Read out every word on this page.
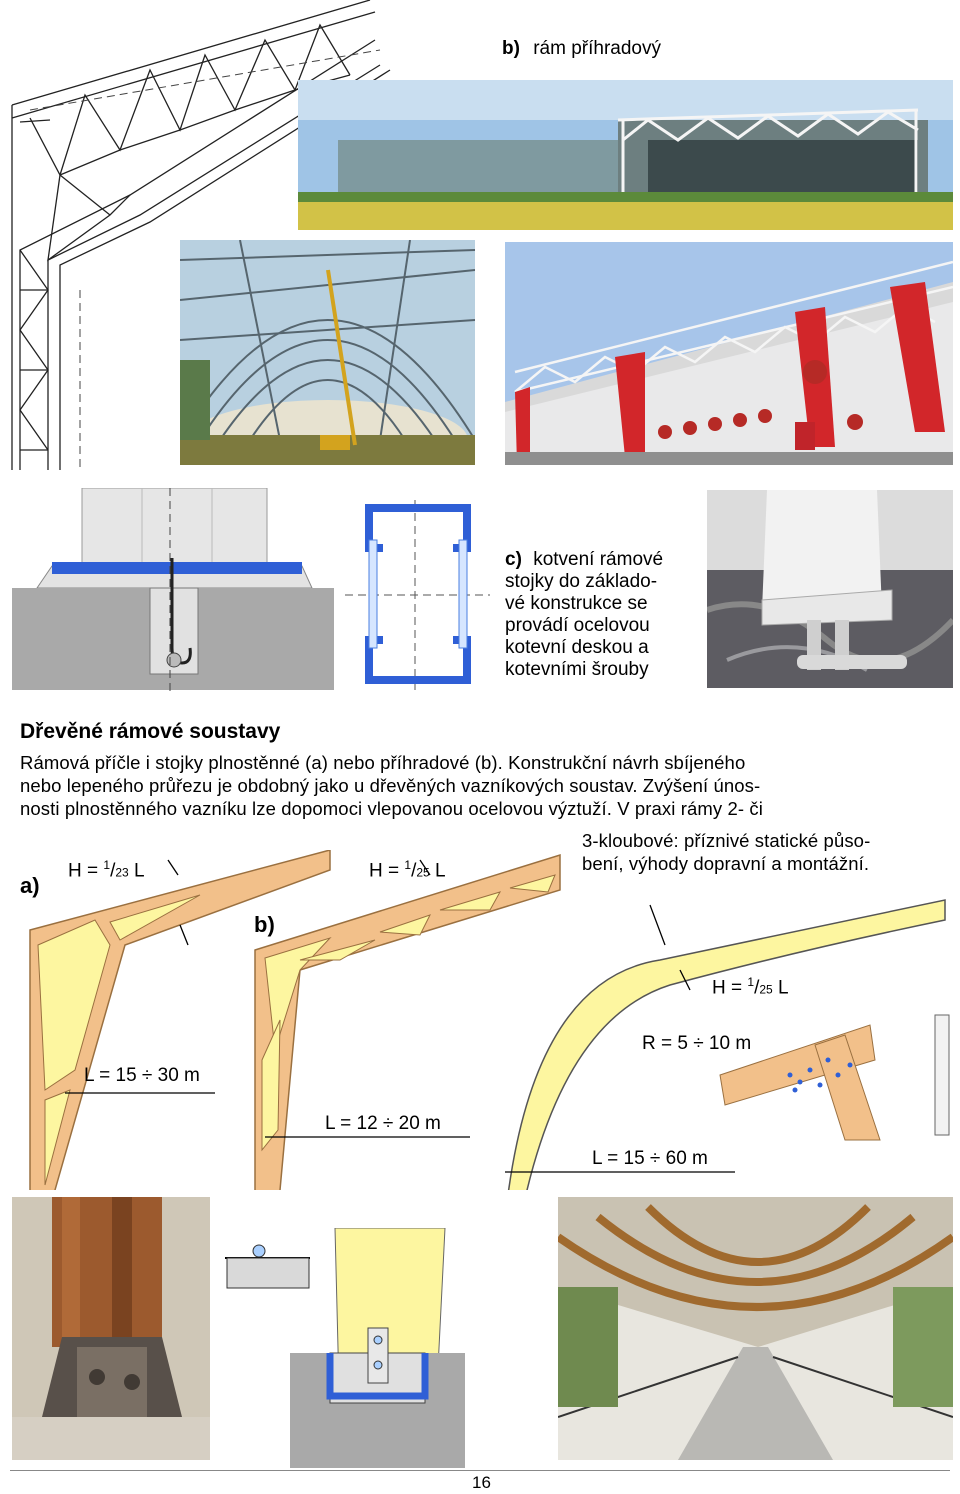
b) rám příhradový
c) kotvení rámové
stojky do základo-
vé konstrukce se
provádí ocelovou
kotevní deskou a
kotevními šrouby
Dřevěné rámové soustavy
Rámová příčle i stojky plnostěnné (a) nebo příhradové (b). Konstrukční návrh sbíjeného
nebo lepeného průřezu je obdobný jako u dřevěných vazníkových soustav. Zvýšení únos-
nosti plnostěnného vazníku lze dopomoci vlepovanou ocelovou výztuží. V praxi rámy 2- či
3-kloubové: příznivé statické půso-
bení, výhody dopravní a montážní.
a)
b)
H = $^1$/23 L	H = $^1$/25 L
H = $^1$/25 L
L = 15 ÷ 30 m
L = 12 ÷ 20 m
L = 15 ÷ 60 m
R = 5 ÷ 10 m
16
